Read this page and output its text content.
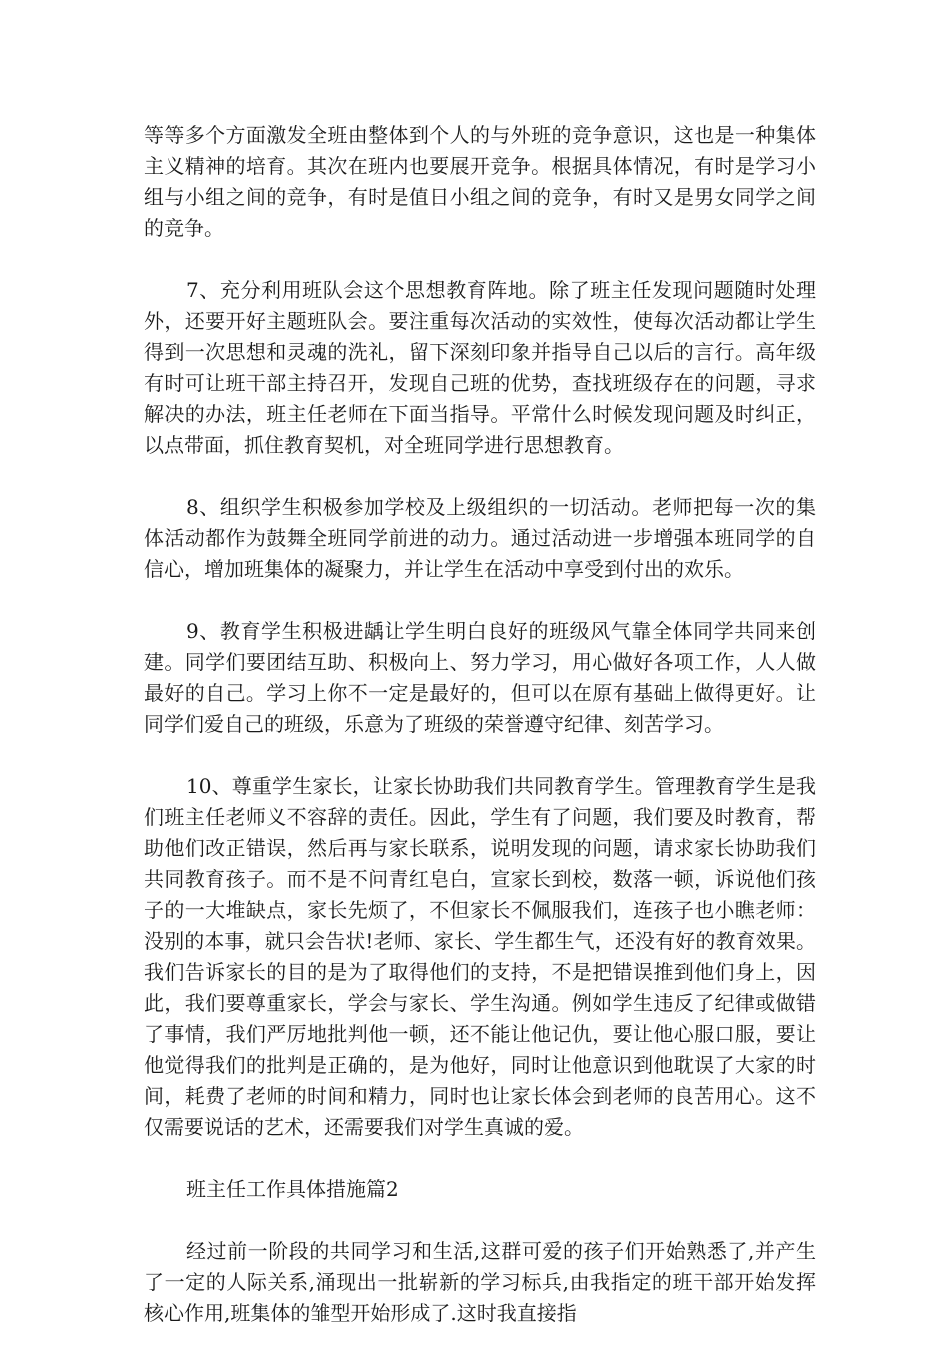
等等多个方面激发全班由整体到个人的与外班的竞争意识，这也是一种集体主义精神的培育。其次在班内也要展开竞争。根据具体情况，有时是学习小组与小组之间的竞争，有时是值日小组之间的竞争，有时又是男女同学之间的竞争。

7、充分利用班队会这个思想教育阵地。除了班主任发现问题随时处理外，还要开好主题班队会。要注重每次活动的实效性，使每次活动都让学生得到一次思想和灵魂的洗礼，留下深刻印象并指导自己以后的言行。高年级有时可让班干部主持召开，发现自己班的优势，查找班级存在的问题，寻求解决的办法，班主任老师在下面当指导。平常什么时候发现问题及时纠正，以点带面，抓住教育契机，对全班同学进行思想教育。

8、组织学生积极参加学校及上级组织的一切活动。老师把每一次的集体活动都作为鼓舞全班同学前进的动力。通过活动进一步增强本班同学的自信心，增加班集体的凝聚力，并让学生在活动中享受到付出的欢乐。

9、教育学生积极进龋让学生明白良好的班级风气靠全体同学共同来创建。同学们要团结互助、积极向上、努力学习，用心做好各项工作，人人做最好的自己。学习上你不一定是最好的，但可以在原有基础上做得更好。让同学们爱自己的班级，乐意为了班级的荣誉遵守纪律、刻苦学习。

10、尊重学生家长，让家长协助我们共同教育学生。管理教育学生是我们班主任老师义不容辞的责任。因此，学生有了问题，我们要及时教育，帮助他们改正错误，然后再与家长联系，说明发现的问题，请求家长协助我们共同教育孩子。而不是不问青红皂白，宣家长到校，数落一顿，诉说他们孩子的一大堆缺点，家长先烦了，不但家长不佩服我们，连孩子也小瞧老师：没别的本事，就只会告状!老师、家长、学生都生气，还没有好的教育效果。我们告诉家长的目的是为了取得他们的支持，不是把错误推到他们身上，因此，我们要尊重家长，学会与家长、学生沟通。例如学生违反了纪律或做错了事情，我们严厉地批判他一顿，还不能让他记仇，要让他心服口服，要让他觉得我们的批判是正确的，是为他好，同时让他意识到他耽误了大家的时间，耗费了老师的时间和精力，同时也让家长体会到老师的良苦用心。这不仅需要说话的艺术，还需要我们对学生真诚的爱。

班主任工作具体措施篇2

经过前一阶段的共同学习和生活,这群可爱的孩子们开始熟悉了,并产生了一定的人际关系,涌现出一批崭新的学习标兵,由我指定的班干部开始发挥核心作用,班集体的雏型开始形成了.这时我直接指
